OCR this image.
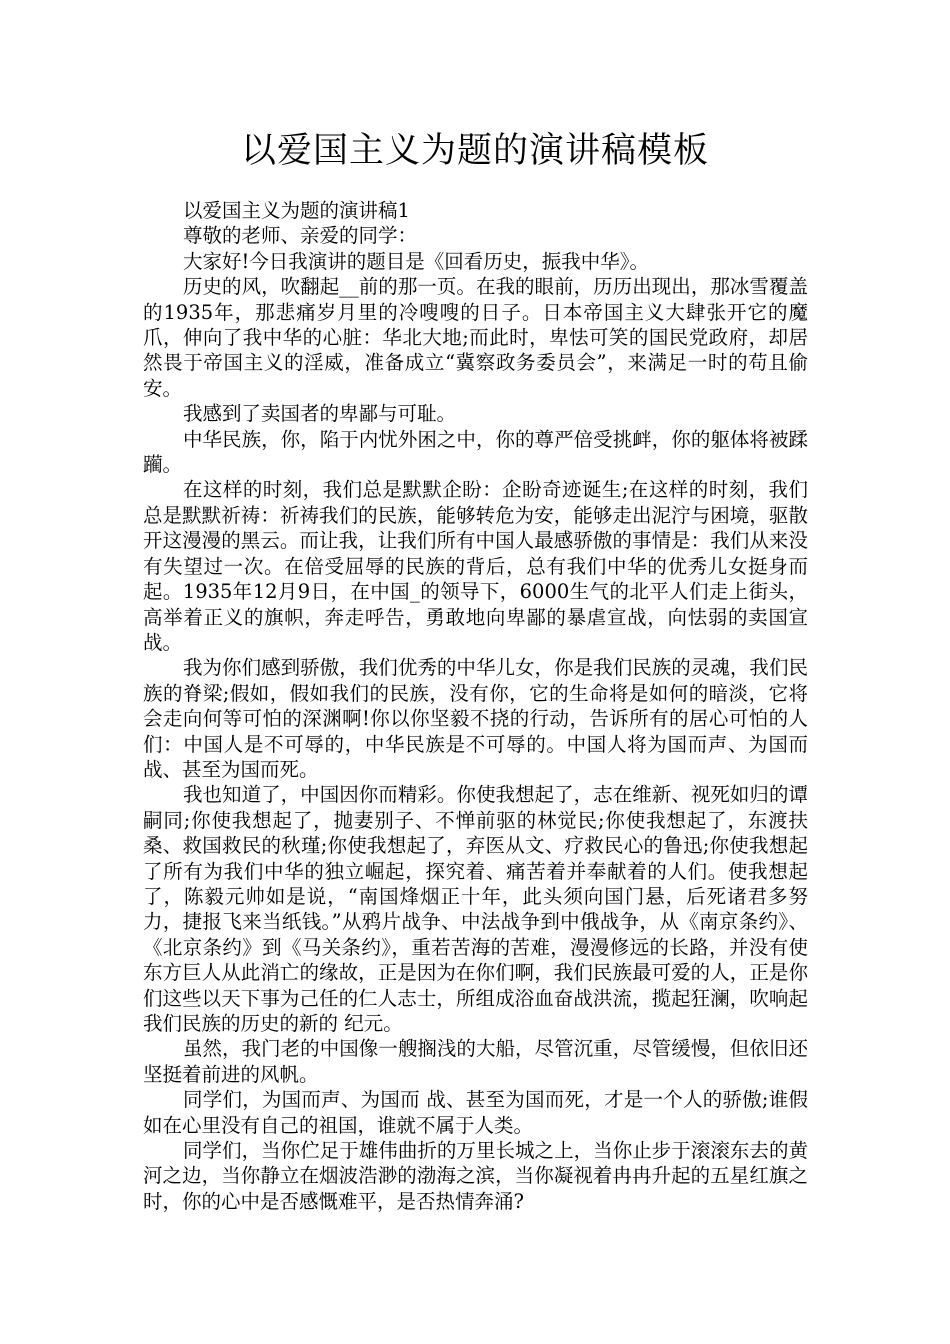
以爱国主义为题的演讲稿模板

以爱国主义为题的演讲稿1

尊敬的老师、亲爱的同学：

大家好!今日我演讲的题目是《回看历史，振我中华》。

历史的风，吹翻起__前的那一页。在我的眼前，历历出现出，那冰雪覆盖的1935年，那悲痛岁月里的冷嗖嗖的日子。日本帝国主义大肆张开它的魔爪，伸向了我中华的心脏：华北大地;而此时，卑怯可笑的国民党政府，却居然畏于帝国主义的淫威，准备成立“冀察政务委员会”，来满足一时的苟且偷安。

我感到了卖国者的卑鄙与可耻。

中华民族，你，陷于内忧外困之中，你的尊严倍受挑衅，你的躯体将被蹂躏。

在这样的时刻，我们总是默默企盼：企盼奇迹诞生;在这样的时刻，我们总是默默祈祷：祈祷我们的民族，能够转危为安，能够走出泥泞与困境，驱散开这漫漫的黑云。而让我，让我们所有中国人最感骄傲的事情是：我们从来没有失望过一次。在倍受屈辱的民族的背后，总有我们中华的优秀儿女挺身而起。1935年12月9日，在中国_的领导下，6000生气的北平人们走上街头，高举着正义的旗帜，奔走呼告，勇敢地向卑鄙的暴虐宣战，向怯弱的卖国宣战。

我为你们感到骄傲，我们优秀的中华儿女，你是我们民族的灵魂，我们民族的脊梁;假如，假如我们的民族，没有你，它的生命将是如何的暗淡，它将会走向何等可怕的深渊啊!你以你坚毅不挠的行动，告诉所有的居心可怕的人们：中国人是不可辱的，中华民族是不可辱的。中国人将为国而声、为国而战、甚至为国而死。

我也知道了，中国因你而精彩。你使我想起了，志在维新、视死如归的谭嗣同;你使我想起了，抛妻别子、不惮前驱的林觉民;你使我想起了，东渡扶桑、救国救民的秋瑾;你使我想起了，弃医从文、疗救民心的鲁迅;你使我想起了所有为我们中华的独立崛起，探究着、痛苦着并奉献着的人们。使我想起了，陈毅元帅如是说，“南国烽烟正十年，此头须向国门悬，后死诸君多努力，捷报飞来当纸钱。”从鸦片战争、中法战争到中俄战争，从《南京条约》、《北京条约》到《马关条约》，重若苦海的苦难，漫漫修远的长路，并没有使东方巨人从此消亡的缘故，正是因为在你们啊，我们民族最可爱的人，正是你们这些以天下事为己任的仁人志士，所组成浴血奋战洪流，揽起狂澜，吹响起我们民族的历史的新的 纪元。

虽然，我门老的中国像一艘搁浅的大船，尽管沉重，尽管缓慢，但依旧还坚挺着前进的风帆。

同学们，为国而声、为国而 战、甚至为国而死，才是一个人的骄傲;谁假如在心里没有自己的祖国，谁就不属于人类。

同学们，当你伫足于雄伟曲折的万里长城之上，当你止步于滚滚东去的黄河之边，当你静立在烟波浩渺的渤海之滨，当你凝视着冉冉升起的五星红旗之时，你的心中是否感慨难平，是否热情奔涌?
